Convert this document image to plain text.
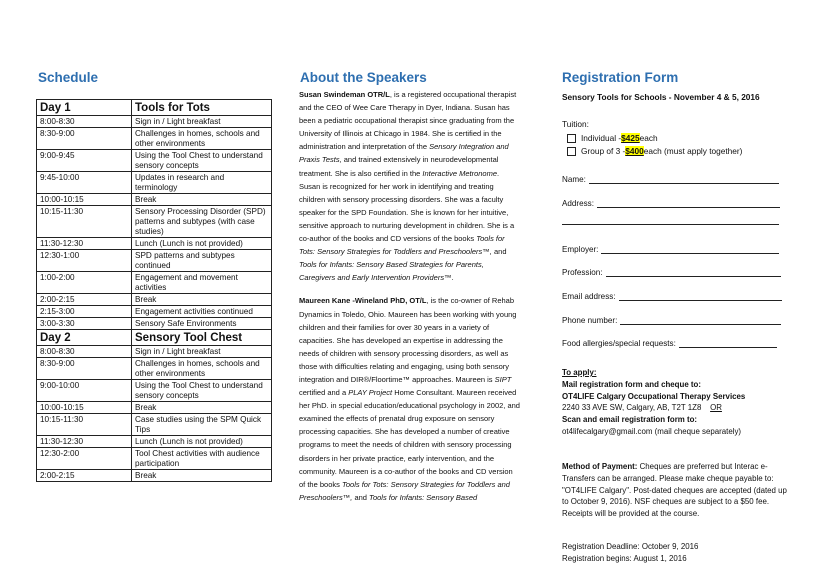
Schedule
Day 1	Tools for Tots
8:00-8:30	Sign in / Light breakfast
8:30-9:00	Challenges in homes, schools and other environments
9:00-9:45	Using the Tool Chest to understand sensory concepts
9:45-10:00	Updates in research and terminology
10:00-10:15	Break
10:15-11:30	Sensory Processing Disorder (SPD) patterns and subtypes (with case studies)
11:30-12:30	Lunch (Lunch is not provided)
12:30-1:00	SPD patterns and subtypes continued
1:00-2:00	Engagement and movement activities
2:00-2:15	Break
2:15-3:00	Engagement activities continued
3:00-3:30	Sensory Safe Environments
Day 2	Sensory Tool Chest
8:00-8:30	Sign in / Light breakfast
8:30-9:00	Challenges in homes, schools and other environments
9:00-10:00	Using the Tool Chest to understand sensory concepts
10:00-10:15	Break
10:15-11:30	Case studies using the SPM Quick Tips
11:30-12:30	Lunch (Lunch is not provided)
12:30-2:00	Tool Chest activities with audience participation
2:00-2:15	Break
About the Speakers

Susan Swindeman OTR/L, is a registered occupational therapist and the CEO of Wee Care Therapy in Dyer, Indiana. Susan has been a pediatric occupational therapist since graduating from the University of Illinois at Chicago in 1984. She is certified in the administration and interpretation of the Sensory Integration and Praxis Tests, and trained extensively in neurodevelopmental treatment. She is also certified in the Interactive Metronome. Susan is recognized for her work in identifying and treating children with sensory processing disorders. She was a faculty speaker for the SPD Foundation. She is known for her intuitive, sensitive approach to nurturing development in children. She is a co-author of the books and CD versions of the books Tools for Tots: Sensory Strategies for Toddlers and Preschoolers™, and Tools for Infants: Sensory Based Strategies for Parents, Caregivers and Early Intervention Providers™.

Maureen Kane -Wineland PhD, OT/L, is the co-owner of Rehab Dynamics in Toledo, Ohio. Maureen has been working with young children and their families for over 30 years in a variety of capacities. She has developed an expertise in addressing the needs of children with sensory processing disorders, as well as those with difficulties relating and engaging, using both sensory integration and DIR®/Floortime™ approaches. Maureen is SIPT certified and a PLAY Project Home Consultant. Maureen received her PhD. in special education/educational psychology in 2002, and examined the effects of prenatal drug exposure on sensory processing capacities. She has developed a number of creative programs to meet the needs of children with sensory processing disorders in her private practice, early intervention, and the community. Maureen is a co-author of the books and CD version of the books Tools for Tots: Sensory Strategies for Toddlers and Preschoolers™, and Tools for Infants: Sensory Based

Registration Form
Sensory Tools for Schools - November 4 & 5, 2016
Tuition:
Individual - $425 each
Group of 3 - $400 each (must apply together)
Name:
Address:
Employer:
Profession:
Email address:
Phone number:
Food allergies/special requests:

To apply:

Mail registration form and cheque to:

OT4LIFE Calgary Occupational Therapy Services

2240 33 AVE SW, Calgary, AB, T2T 1Z8 OR

Scan and email registration form to:

ot4lifecalgary@gmail.com (mail cheque separately)

Method of Payment: Cheques are preferred but Interac e-Transfers can be arranged. Please make cheque payable to: "OT4LIFE Calgary". Post-dated cheques are accepted (dated up to October 9, 2016). NSF cheques are subject to a $50 fee. Receipts will be provided at the course.
Registration Deadline: October 9, 2016
Registration begins: August 1, 2016
